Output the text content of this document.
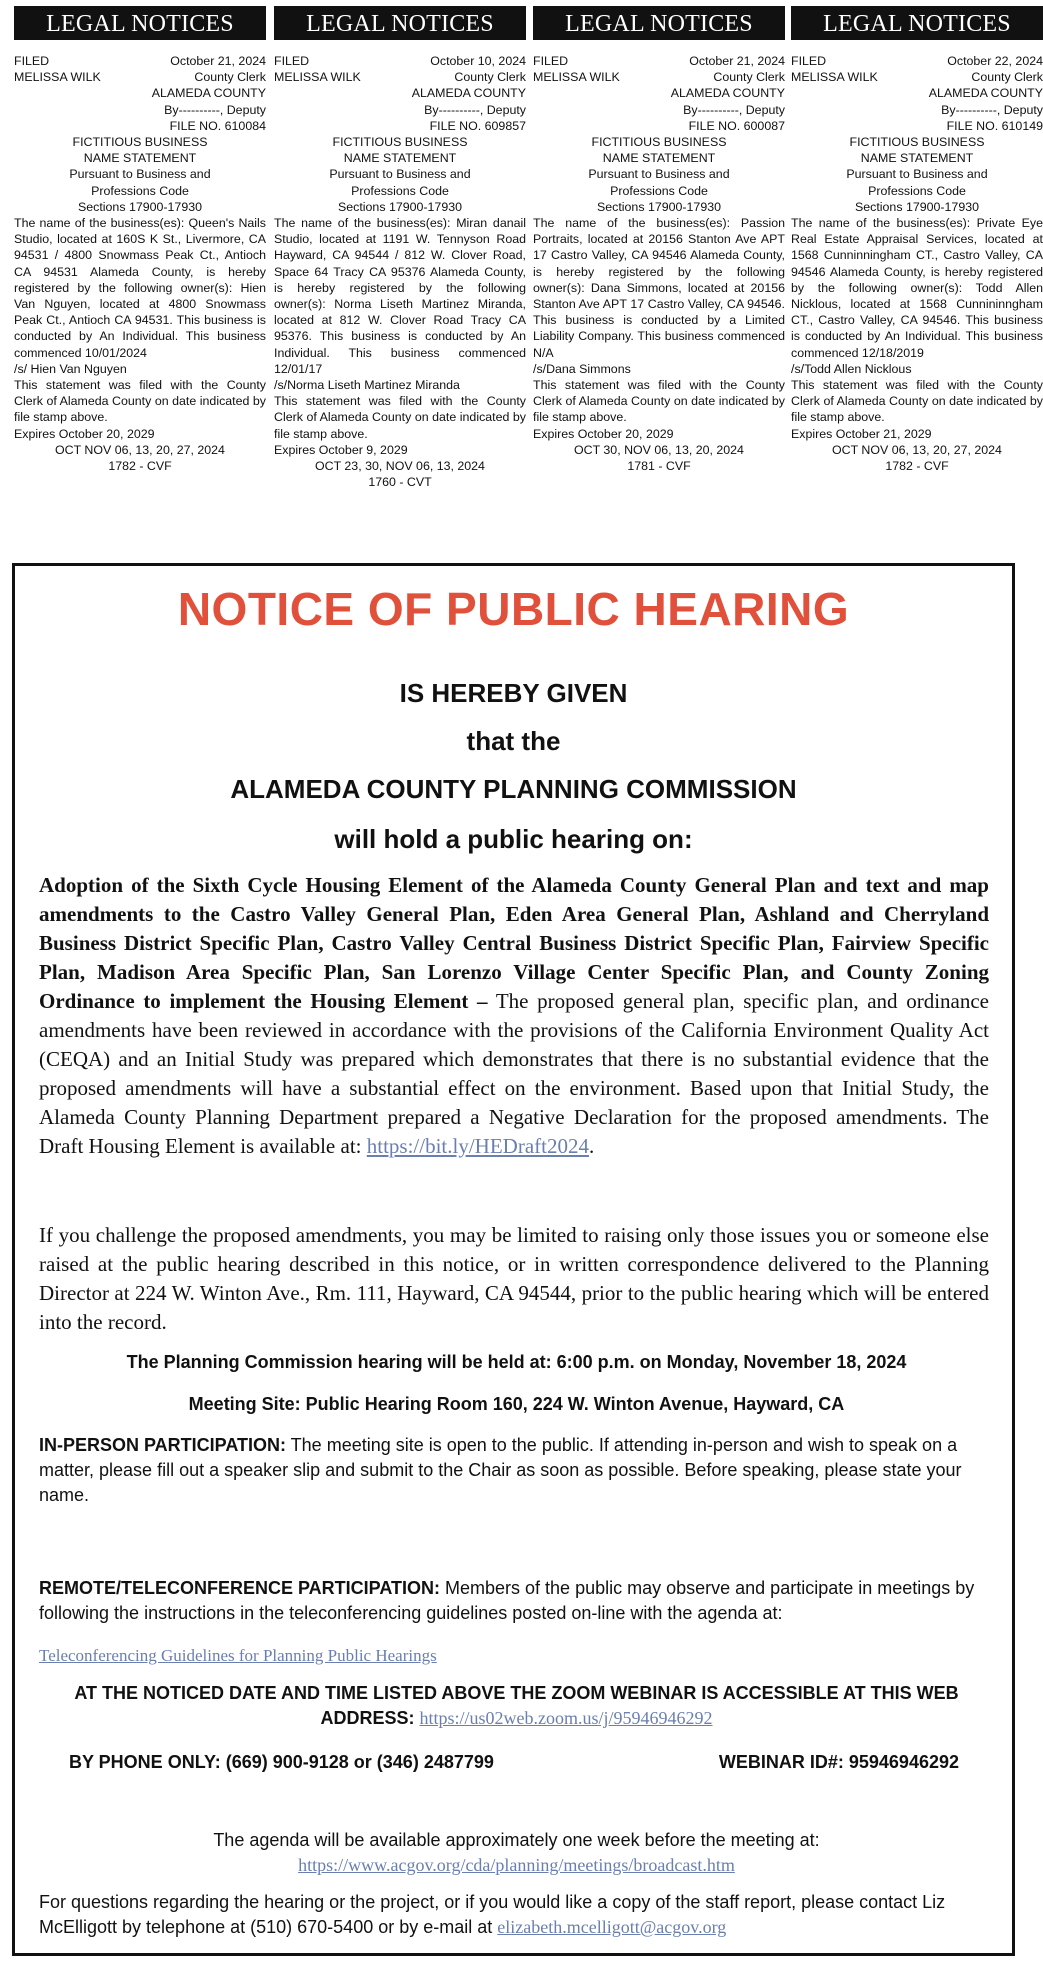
LEGAL NOTICES
FILED	October 21, 2024
MELISSA WILK	County Clerk
ALAMEDA COUNTY
By----------, Deputy
FILE NO. 610084
FICTITIOUS BUSINESS
NAME STATEMENT
Pursuant to Business and
Professions Code
Sections 17900-17930
The name of the business(es): Queen's Nails Studio, located at 160S K St., Livermore, CA 94531 / 4800 Snowmass Peak Ct., Antioch CA 94531 Alameda County, is hereby registered by the following owner(s): Hien Van Nguyen, located at 4800 Snowmass Peak Ct., Antioch CA 94531. This business is conducted by An Individual. This business commenced 10/01/2024
/s/ Hien Van Nguyen
This statement was filed with the County Clerk of Alameda County on date indicated by file stamp above.
Expires October 20, 2029
OCT NOV 06, 13, 20, 27, 2024
1782 - CVF
LEGAL NOTICES
FILED	October 10, 2024
MELISSA WILK	County Clerk
ALAMEDA COUNTY
By----------, Deputy
FILE NO. 609857
FICTITIOUS BUSINESS
NAME STATEMENT
Pursuant to Business and
Professions Code
Sections 17900-17930
The name of the business(es): Miran danail Studio, located at 1191 W. Tennyson Road Hayward, CA 94544 / 812 W. Clover Road, Space 64 Tracy CA 95376 Alameda County, is hereby registered by the following owner(s): Norma Liseth Martinez Miranda, located at 812 W. Clover Road Tracy CA 95376. This business is conducted by An Individual. This business commenced 12/01/17
/s/Norma Liseth Martinez Miranda
This statement was filed with the County Clerk of Alameda County on date indicated by file stamp above.
Expires October 9, 2029
OCT 23, 30, NOV 06, 13, 2024
1760 - CVT
LEGAL NOTICES
FILED	October 21, 2024
MELISSA WILK	County Clerk
ALAMEDA COUNTY
By----------, Deputy
FILE NO. 600087
FICTITIOUS BUSINESS
NAME STATEMENT
Pursuant to Business and
Professions Code
Sections 17900-17930
The name of the business(es): Passion Portraits, located at 20156 Stanton Ave APT 17 Castro Valley, CA 94546 Alameda County, is hereby registered by the following owner(s): Dana Simmons, located at 20156 Stanton Ave APT 17 Castro Valley, CA 94546. This business is conducted by a Limited Liability Company. This business commenced N/A
/s/Dana Simmons
This statement was filed with the County Clerk of Alameda County on date indicated by file stamp above.
Expires October 20, 2029
OCT 30, NOV 06, 13, 20, 2024
1781 - CVF
LEGAL NOTICES
FILED	October 22, 2024
MELISSA WILK	County Clerk
ALAMEDA COUNTY
By----------, Deputy
FILE NO. 610149
FICTITIOUS BUSINESS
NAME STATEMENT
Pursuant to Business and
Professions Code
Sections 17900-17930
The name of the business(es): Private Eye Real Estate Appraisal Services, located at 1568 Cunninningham CT., Castro Valley, CA 94546 Alameda County, is hereby registered by the following owner(s): Todd Allen Nicklous, located at 1568 Cunnininngham CT., Castro Valley, CA 94546. This business is conducted by An Individual. This business commenced 12/18/2019
/s/Todd Allen Nicklous
This statement was filed with the County Clerk of Alameda County on date indicated by file stamp above.
Expires October 21, 2029
OCT NOV 06, 13, 20, 27, 2024
1782 - CVF
NOTICE OF PUBLIC HEARING
IS HEREBY GIVEN
that the
ALAMEDA COUNTY PLANNING COMMISSION
will hold a public hearing on:
Adoption of the Sixth Cycle Housing Element of the Alameda County General Plan and text and map amendments to the Castro Valley General Plan, Eden Area General Plan, Ashland and Cherryland Business District Specific Plan, Castro Valley Central Business District Specific Plan, Fairview Specific Plan, Madison Area Specific Plan, San Lorenzo Village Center Specific Plan, and County Zoning Ordinance to implement the Housing Element – The proposed general plan, specific plan, and ordinance amendments have been reviewed in accordance with the provisions of the California Environment Quality Act (CEQA) and an Initial Study was prepared which demonstrates that there is no substantial evidence that the proposed amendments will have a substantial effect on the environment. Based upon that Initial Study, the Alameda County Planning Department prepared a Negative Declaration for the proposed amendments. The Draft Housing Element is available at: https://bit.ly/HEDraft2024.
If you challenge the proposed amendments, you may be limited to raising only those issues you or someone else raised at the public hearing described in this notice, or in written correspondence delivered to the Planning Director at 224 W. Winton Ave., Rm. 111, Hayward, CA 94544, prior to the public hearing which will be entered into the record.
The Planning Commission hearing will be held at: 6:00 p.m. on Monday, November 18, 2024
Meeting Site: Public Hearing Room 160, 224 W. Winton Avenue, Hayward, CA
IN-PERSON PARTICIPATION: The meeting site is open to the public. If attending in-person and wish to speak on a matter, please fill out a speaker slip and submit to the Chair as soon as possible. Before speaking, please state your name.
REMOTE/TELECONFERENCE PARTICIPATION: Members of the public may observe and participate in meetings by following the instructions in the teleconferencing guidelines posted on-line with the agenda at:
Teleconferencing Guidelines for Planning Public Hearings
AT THE NOTICED DATE AND TIME LISTED ABOVE THE ZOOM WEBINAR IS ACCESSIBLE AT THIS WEB ADDRESS: https://us02web.zoom.us/j/95946946292
BY PHONE ONLY: (669) 900-9128 or (346) 2487799	WEBINAR ID#: 95946946292
The agenda will be available approximately one week before the meeting at: https://www.acgov.org/cda/planning/meetings/broadcast.htm
For questions regarding the hearing or the project, or if you would like a copy of the staff report, please contact Liz McElligott by telephone at (510) 670-5400 or by e-mail at elizabeth.mcelligott@acgov.org
